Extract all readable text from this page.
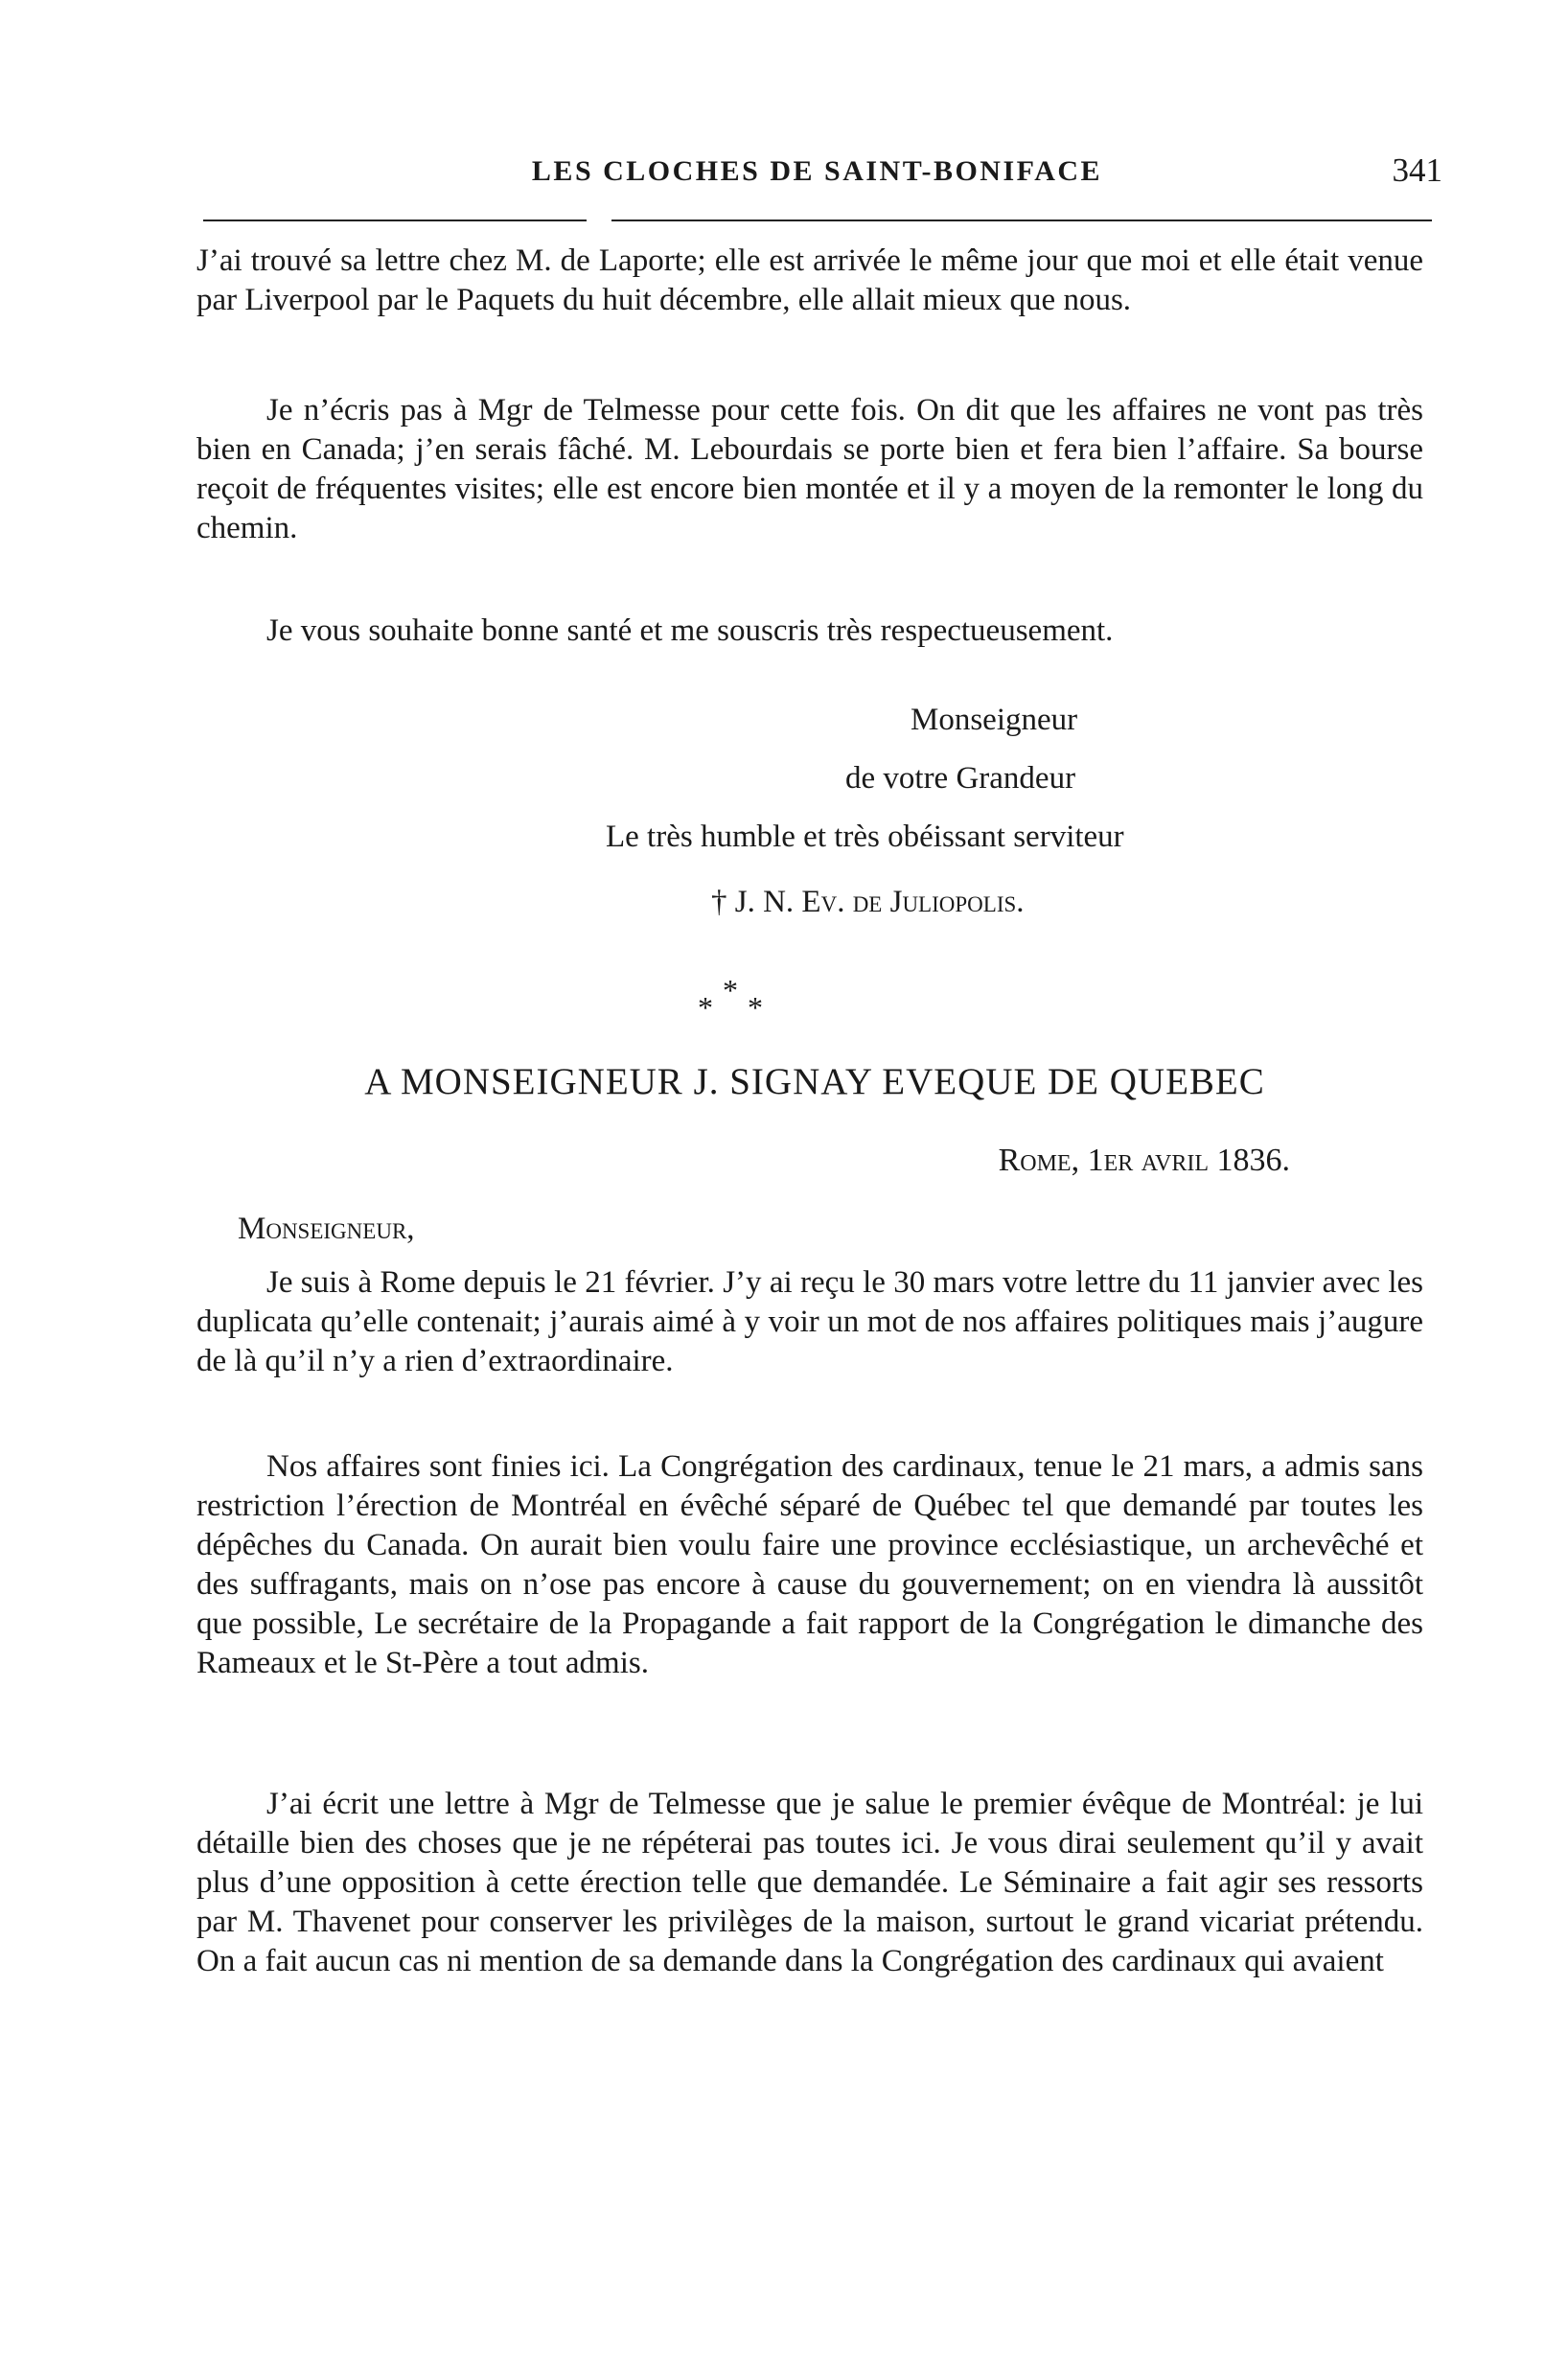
LES CLOCHES DE SAINT-BONIFACE	341

J’ai trouvé sa lettre chez M. de Laporte; elle est arrivée le même jour que moi et elle était venue par Liverpool par le Paquets du huit décembre, elle allait mieux que nous.

Je n’écris pas à Mgr de Telmesse pour cette fois. On dit que les affaires ne vont pas très bien en Canada; j’en serais fâché. M. Lebourdais se porte bien et fera bien l’affaire. Sa bourse reçoit de fréquentes visites; elle est encore bien montée et il y a moyen de la remonter le long du chemin.

Je vous souhaite bonne santé et me souscris très respectueusement.

Monseigneur
de votre Grandeur
Le très humble et très obéissant serviteur
† J. N. Ev. de Juliopolis.
*
* *
A MONSEIGNEUR J. SIGNAY EVEQUE DE QUEBEC
Rome, 1er avril 1836.
Monseigneur,

Je suis à Rome depuis le 21 février. J’y ai reçu le 30 mars votre lettre du 11 janvier avec les duplicata qu’elle contenait; j’aurais aimé à y voir un mot de nos affaires politiques mais j’augure de là qu’il n’y a rien d’extraordinaire.

Nos affaires sont finies ici. La Congrégation des cardinaux, tenue le 21 mars, a admis sans restriction l’érection de Montréal en évêché séparé de Québec tel que demandé par toutes les dépêches du Canada. On aurait bien voulu faire une province ecclésiastique, un archevêché et des suffragants, mais on n’ose pas encore à cause du gouvernement; on en viendra là aussitôt que possible, Le secrétaire de la Propagande a fait rapport de la Congrégation le dimanche des Rameaux et le St-Père a tout admis.

J’ai écrit une lettre à Mgr de Telmesse que je salue le premier évêque de Montréal: je lui détaille bien des choses que je ne répéterai pas toutes ici. Je vous dirai seulement qu’il y avait plus d’une opposition à cette érection telle que demandée. Le Séminaire a fait agir ses ressorts par M. Thavenet pour conserver les privilèges de la maison, surtout le grand vicariat prétendu. On a fait aucun cas ni mention de sa demande dans la Congrégation des cardinaux qui avaient
